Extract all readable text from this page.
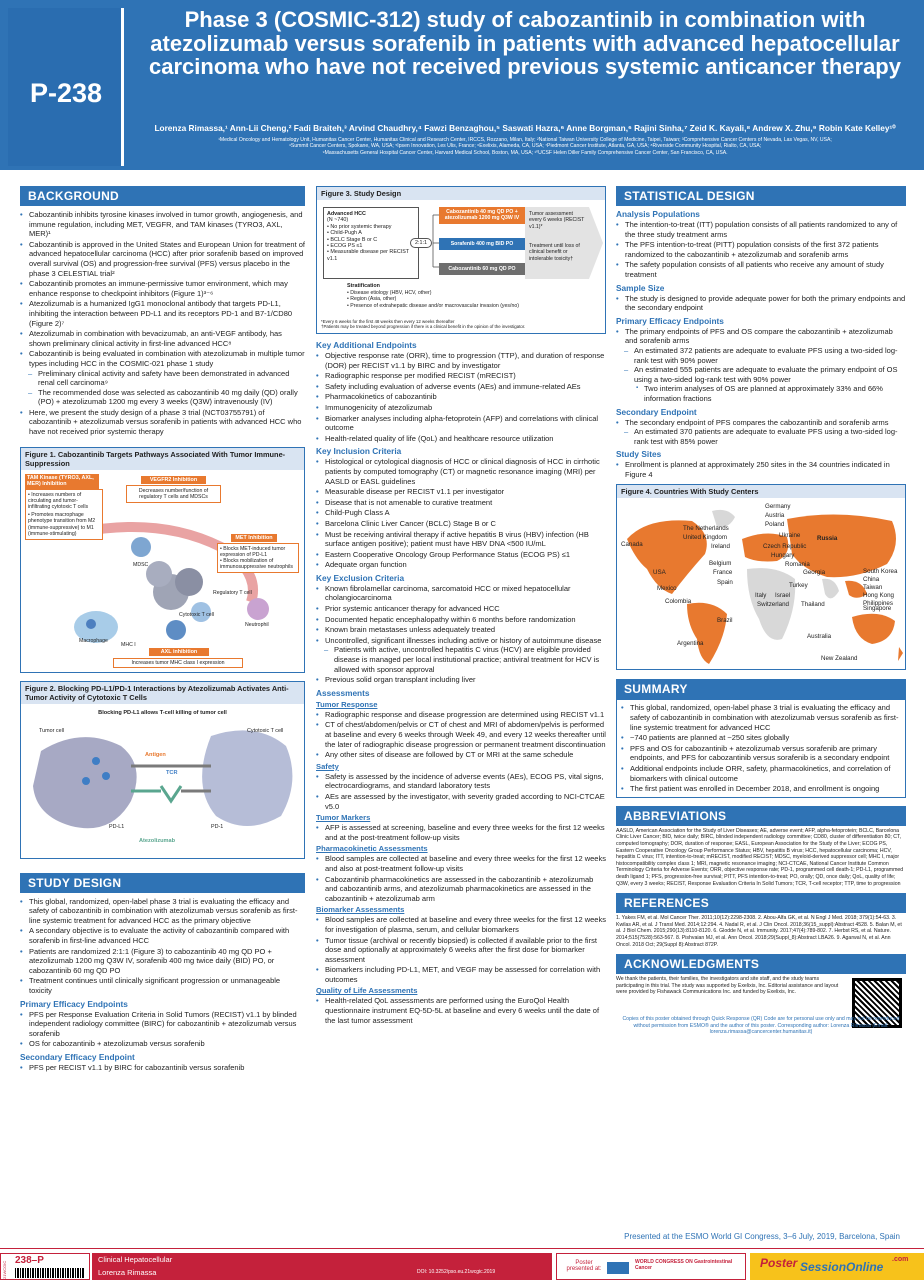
P-238
Phase 3 (COSMIC-312) study of cabozantinib in combination with atezolizumab versus sorafenib in patients with advanced hepatocellular carcinoma who have not received previous systemic anticancer therapy
Lorenza Rimassa,¹ Ann-Lii Cheng,² Fadi Braiteh,³ Arvind Chaudhry,⁴ Fawzi Benzaghou,⁵ Saswati Hazra,⁶ Anne Borgman,⁶ Rajini Sinha,⁷ Zeid K. Kayali,⁸ Andrew X. Zhu,⁹ Robin Kate Kelley¹⁰
¹Medical Oncology and Hematology Unit, Humanitas Cancer Center, Humanitas Clinical and Research Center, IRCCS, Rozzano, Milan, Italy; ²National Taiwan University College of Medicine, Taipei, Taiwan; ³Comprehensive Cancer Centers of Nevada, Las Vegas, NV, USA;
⁴Summit Cancer Centers, Spokane, WA, USA; ⁵Ipsen Innovation, Les Ulis, France; ⁶Exelixis, Alameda, CA, USA; ⁷Piedmont Cancer Institute, Atlanta, GA, USA; ⁸Riverside Community Hospital, Rialto, CA, USA;
⁹Massachusetts General Hospital Cancer Center, Harvard Medical School, Boston, MA, USA; ¹⁰UCSF Helen Diller Family Comprehensive Cancer Center, San Francisco, CA, USA.
BACKGROUND
• Cabozantinib inhibits tyrosine kinases involved in tumor growth, angiogenesis, and immune regulation, including MET, VEGFR, and TAM kinases (TYRO3, AXL, MER)¹
• Cabozantinib is approved in the United States and European Union for treatment of advanced hepatocellular carcinoma (HCC) after prior sorafenib based on improved overall survival (OS) and progression-free survival (PFS) versus placebo in the phase 3 CELESTIAL trial²
• Cabozantinib promotes an immune-permissive tumor environment, which may enhance response to checkpoint inhibitors (Figure 1)³⁻⁶
• Atezolizumab is a humanized IgG1 monoclonal antibody that targets PD-L1, inhibiting the interaction between PD-L1 and its receptors PD-1 and B7-1/CD80 (Figure 2)⁷
• Atezolizumab in combination with bevacizumab, an anti-VEGF antibody, has shown preliminary clinical activity in first-line advanced HCC⁸
• Cabozantinib is being evaluated in combination with atezolizumab in multiple tumor types including HCC in the COSMIC-021 phase 1 study
– Preliminary clinical activity and safety have been demonstrated in advanced renal cell carcinoma⁹
– The recommended dose was selected as cabozantinib 40 mg daily (QD) orally (PO) + atezolizumab 1200 mg every 3 weeks (Q3W) intravenously (IV)
• Here, we present the study design of a phase 3 trial (NCT03755791) of cabozantinib + atezolizumab versus sorafenib in patients with advanced HCC who have not received prior systemic therapy
Figure 1. Cabozantinib Targets Pathways Associated With Tumor Immune-Suppression
TAM Kinase (TYRO3, AXL, MER) Inhibition
• Increases numbers of circulating and tumor-infiltrating cytotoxic T cells
• Promotes macrophage phenotype transition from M2 (immune-suppressive) to M1 (immune-stimulating)
VEGFR2 Inhibition
Decreases number/function of regulatory T cells and MDSCs
MET Inhibition
• Blocks MET-induced tumor expression of PD-L1
• Blocks mobilization of immunosuppressive neutrophils
MDSC
Regulatory T cell
Cytotoxic T cell
Neutrophil
Macrophage
MHC I
AXL inhibition
Increases tumor MHC class I expression
Figure 2. Blocking PD-L1/PD-1 Interactions by Atezolizumab Activates Anti-Tumor Activity of Cytotoxic T Cells
Blocking PD-L1 allows T-cell killing of tumor cell
Tumor cell	Cytotoxic T cell
Antigen
TCR
PD-L1	PD-1
Atezolizumab
STUDY DESIGN
• This global, randomized, open-label phase 3 trial is evaluating the efficacy and safety of cabozantinib in combination with atezolizumab versus sorafenib as first-line systemic treatment for advanced HCC as the primary objective
• A secondary objective is to evaluate the activity of cabozantinib compared with sorafenib in first-line advanced HCC
• Patients are randomized 2:1:1 (Figure 3) to cabozantinib 40 mg QD PO + atezolizumab 1200 mg Q3W IV, sorafenib 400 mg twice daily (BID) PO, or cabozantinib 60 mg QD PO
• Treatment continues until clinically significant progression or unmanageable toxicity
Primary Efficacy Endpoints
• PFS per Response Evaluation Criteria in Solid Tumors (RECIST) v1.1 by blinded independent radiology committee (BIRC) for cabozantinib + atezolizumab versus sorafenib
• OS for cabozantinib + atezolizumab versus sorafenib
Secondary Efficacy Endpoint
• PFS per RECIST v1.1 by BIRC for cabozantinib versus sorafenib
Figure 3. Study Design
Advanced HCC
(N ~740)
• No prior systemic therapy
• Child-Pugh A
• BCLC Stage B or C
• ECOG PS ≤1
• Measurable disease per RECIST v1.1
2:1:1
Cabozantinib 40 mg QD PO + atezolizumab 1200 mg Q3W IV
Sorafenib 400 mg BID PO
Cabozantinib 60 mg QD PO
Tumor assessment every 6 weeks (RECIST v1.1)*
Treatment until loss of clinical benefit or intolerable toxicity†
Stratification
• Disease etiology (HBV, HCV, other)
• Region (Asia, other)
• Presence of extrahepatic disease and/or macrovascular invasion (yes/no)
*Every 6 weeks for the first 48 weeks then every 12 weeks thereafter
†Patients may be treated beyond progression if there is a clinical benefit in the opinion of the investigator.
Key Additional Endpoints
• Objective response rate (ORR), time to progression (TTP), and duration of response (DOR) per RECIST v1.1 by BIRC and by investigator
• Radiographic response per modified RECIST (mRECIST)
• Safety including evaluation of adverse events (AEs) and immune-related AEs
• Pharmacokinetics of cabozantinib
• Immunogenicity of atezolizumab
• Biomarker analyses including alpha-fetoprotein (AFP) and correlations with clinical outcome
• Health-related quality of life (QoL) and healthcare resource utilization
Key Inclusion Criteria
• Histological or cytological diagnosis of HCC or clinical diagnosis of HCC in cirrhotic patients by computed tomography (CT) or magnetic resonance imaging (MRI) per AASLD or EASL guidelines
• Measurable disease per RECIST v1.1 per investigator
• Disease that is not amenable to curative treatment
• Child-Pugh Class A
• Barcelona Clinic Liver Cancer (BCLC) Stage B or C
• Must be receiving antiviral therapy if active hepatitis B virus (HBV) infection (HB surface antigen positive); patient must have HBV DNA <500 IU/mL
• Eastern Cooperative Oncology Group Performance Status (ECOG PS) ≤1
• Adequate organ function
Key Exclusion Criteria
• Known fibrolamellar carcinoma, sarcomatoid HCC or mixed hepatocellular cholangiocarcinoma
• Prior systemic anticancer therapy for advanced HCC
• Documented hepatic encephalopathy within 6 months before randomization
• Known brain metastases unless adequately treated
• Uncontrolled, significant illnesses including active or history of autoimmune disease
– Patients with active, uncontrolled hepatitis C virus (HCV) are eligible provided disease is managed per local institutional practice; antiviral treatment for HCV is allowed with sponsor approval
• Previous solid organ transplant including liver
Assessments
Tumor Response
• Radiographic response and disease progression are determined using RECIST v1.1
• CT of chest/abdomen/pelvis or CT of chest and MRI of abdomen/pelvis is performed at baseline and every 6 weeks through Week 49, and every 12 weeks thereafter until the later of radiographic disease progression or permanent treatment discontinuation
• Any other sites of disease are followed by CT or MRI at the same schedule
Safety
• Safety is assessed by the incidence of adverse events (AEs), ECOG PS, vital signs, electrocardiograms, and standard laboratory tests
• AEs are assessed by the investigator, with severity graded according to NCI-CTCAE v5.0
Tumor Markers
• AFP is assessed at screening, baseline and every three weeks for the first 12 weeks and at the post-treatment follow-up visits
Pharmacokinetic Assessments
• Blood samples are collected at baseline and every three weeks for the first 12 weeks and also at post-treatment follow-up visits
• Cabozantinib pharmacokinetics are assessed in the cabozantinib + atezolizumab and cabozantinib arms, and atezolizumab pharmacokinetics are assessed in the cabozantinib + atezolizumab arm
Biomarker Assessments
• Blood samples are collected at baseline and every three weeks for the first 12 weeks for investigation of plasma, serum, and cellular biomarkers
• Tumor tissue (archival or recently biopsied) is collected if available prior to the first dose and optionally at approximately 6 weeks after the first dose for biomarker assessment
• Biomarkers including PD-L1, MET, and VEGF may be assessed for correlation with outcomes
Quality of Life Assessments
• Health-related QoL assessments are performed using the EuroQol Health questionnaire instrument EQ-5D-5L at baseline and every 6 weeks until the date of the last tumor assessment
STATISTICAL DESIGN
Analysis Populations
• The intention-to-treat (ITT) population consists of all patients randomized to any of the three study treatment arms
• The PFS intention-to-treat (PITT) population consists of the first 372 patients randomized to the cabozantinib + atezolizumab and sorafenib arms
• The safety population consists of all patients who receive any amount of study treatment
Sample Size
• The study is designed to provide adequate power for both the primary endpoints and the secondary endpoint
Primary Efficacy Endpoints
• The primary endpoints of PFS and OS compare the cabozantinib + atezolizumab and sorafenib arms
– An estimated 372 patients are adequate to evaluate PFS using a two-sided log-rank test with 90% power
– An estimated 555 patients are adequate to evaluate the primary endpoint of OS using a two-sided log-rank test with 90% power
▪ Two interim analyses of OS are planned at approximately 33% and 66% information fractions
Secondary Endpoint
• The secondary endpoint of PFS compares the cabozantinib and sorafenib arms
– An estimated 370 patients are adequate to evaluate PFS using a two-sided log-rank test with 85% power
Study Sites
• Enrollment is planned at approximately 250 sites in the 34 countries indicated in Figure 4
Figure 4. Countries With Study Centers
Germany
Austria
Poland
The Netherlands
United Kingdom
Ireland
Ukraine	Russia
Canada	Czech Republic
Hungary
Romania
Belgium
France	Georgia
USA
Spain	Turkey
South Korea
China
Taiwan
Hong Kong
Philippines
Mexico
Italy Israel
Switzerland Thailand
Singapore
Colombia
Brazil
Australia
Argentina
New Zealand
SUMMARY
• This global, randomized, open-label phase 3 trial is evaluating the efficacy and safety of cabozantinib in combination with atezolizumab versus sorafenib as first-line systemic treatment for advanced HCC
• ~740 patients are planned at ~250 sites globally
• PFS and OS for cabozantinib + atezolizumab versus sorafenib are primary endpoints, and PFS for cabozantinib versus sorafenib is a secondary endpoint
• Additional endpoints include ORR, safety, pharmacokinetics, and correlation of biomarkers with clinical outcome
• The first patient was enrolled in December 2018, and enrollment is ongoing
ABBREVIATIONS
AASLD, American Association for the Study of Liver Diseases; AE, adverse event; AFP, alpha-fetoprotein; BCLC, Barcelona Clinic Liver Cancer; BID, twice daily; BIRC, blinded independent radiology committee; CD80, cluster of differentiation 80; CT, computed tomography; DOR, duration of response; EASL, European Association for the Study of the Liver; ECOG PS, Eastern Cooperative Oncology Group Performance Status; HBV, hepatitis B virus; HCC, hepatocellular carcinoma; HCV, hepatitis C virus; ITT, intention-to-treat; mRECIST, modified RECIST; MDSC, myeloid-derived suppressor cell; MHC I, major histocompatibility complex class 1; MRI, magnetic resonance imaging; NCI-CTCAE, National Cancer Institute Common Terminology Criteria for Adverse Events; ORR, objective response rate; PD-1, programmed cell death-1; PD-L1, programmed death ligand 1; PFS, progression-free survival; PITT, PFS intention-to-treat; PO, orally; QD, once daily; QoL, quality of life; Q3W, every 3 weeks; RECIST, Response Evaluation Criteria In Solid Tumors; TCR, T-cell receptor; TTP, time to progression
REFERENCES
1. Yakes FM, et al. Mol Cancer Ther. 2011;10(12):2298-2308. 2. Abou-Alfa GK, et al. N Engl J Med. 2018; 379(1):54-63. 3. Kwilas AR, et al. J Transl Med. 2014;12:294. 4. Nadal R, et al. J Clin Oncol. 2018;36(15_suppl):Abstract 4528. 5. Balan M, et al. J Biol Chem. 2015;290(13):8110-8120. 6. Glodde N, et al. Immunity. 2017;47(4):789-802. 7. Herbst RS, et al. Nature. 2014;515(7528):563-567. 8. Pishvaian MJ, et al. Ann Oncol. 2018;29(Suppl_8):Abstract LBA26. 9. Agarwal N, et al. Ann Oncol. 2018 Oct; 29(Suppl 8):Abstract 872P.
ACKNOWLEDGMENTS
We thank the patients, their families, the investigators and site staff, and the study teams participating in this trial. The study was supported by Exelixis, Inc. Editorial assistance and layout were provided by Fishawack Communications Inc. and funded by Exelixis, Inc.
Copies of this poster obtained through Quick Response (QR) Code are for personal use only and may not be reproduced without permission from ESMO® and the author of this poster. Corresponding author: Lorenza Rimassa (Email: lorenza.rimassa@cancercenter.humanitas.it)
Presented at the ESMO World GI Congress, 3–6 July, 2019, Barcelona, Spain
238–P
21WCGIC
Clinical Hepatocellular
Lorenza Rimassa	DOI: 10.3252/pso.eu.21wcgic.2019
Poster presented at:
WORLD CONGRESS ON Gastrointestinal Cancer	Poster SessionOnline
.com
